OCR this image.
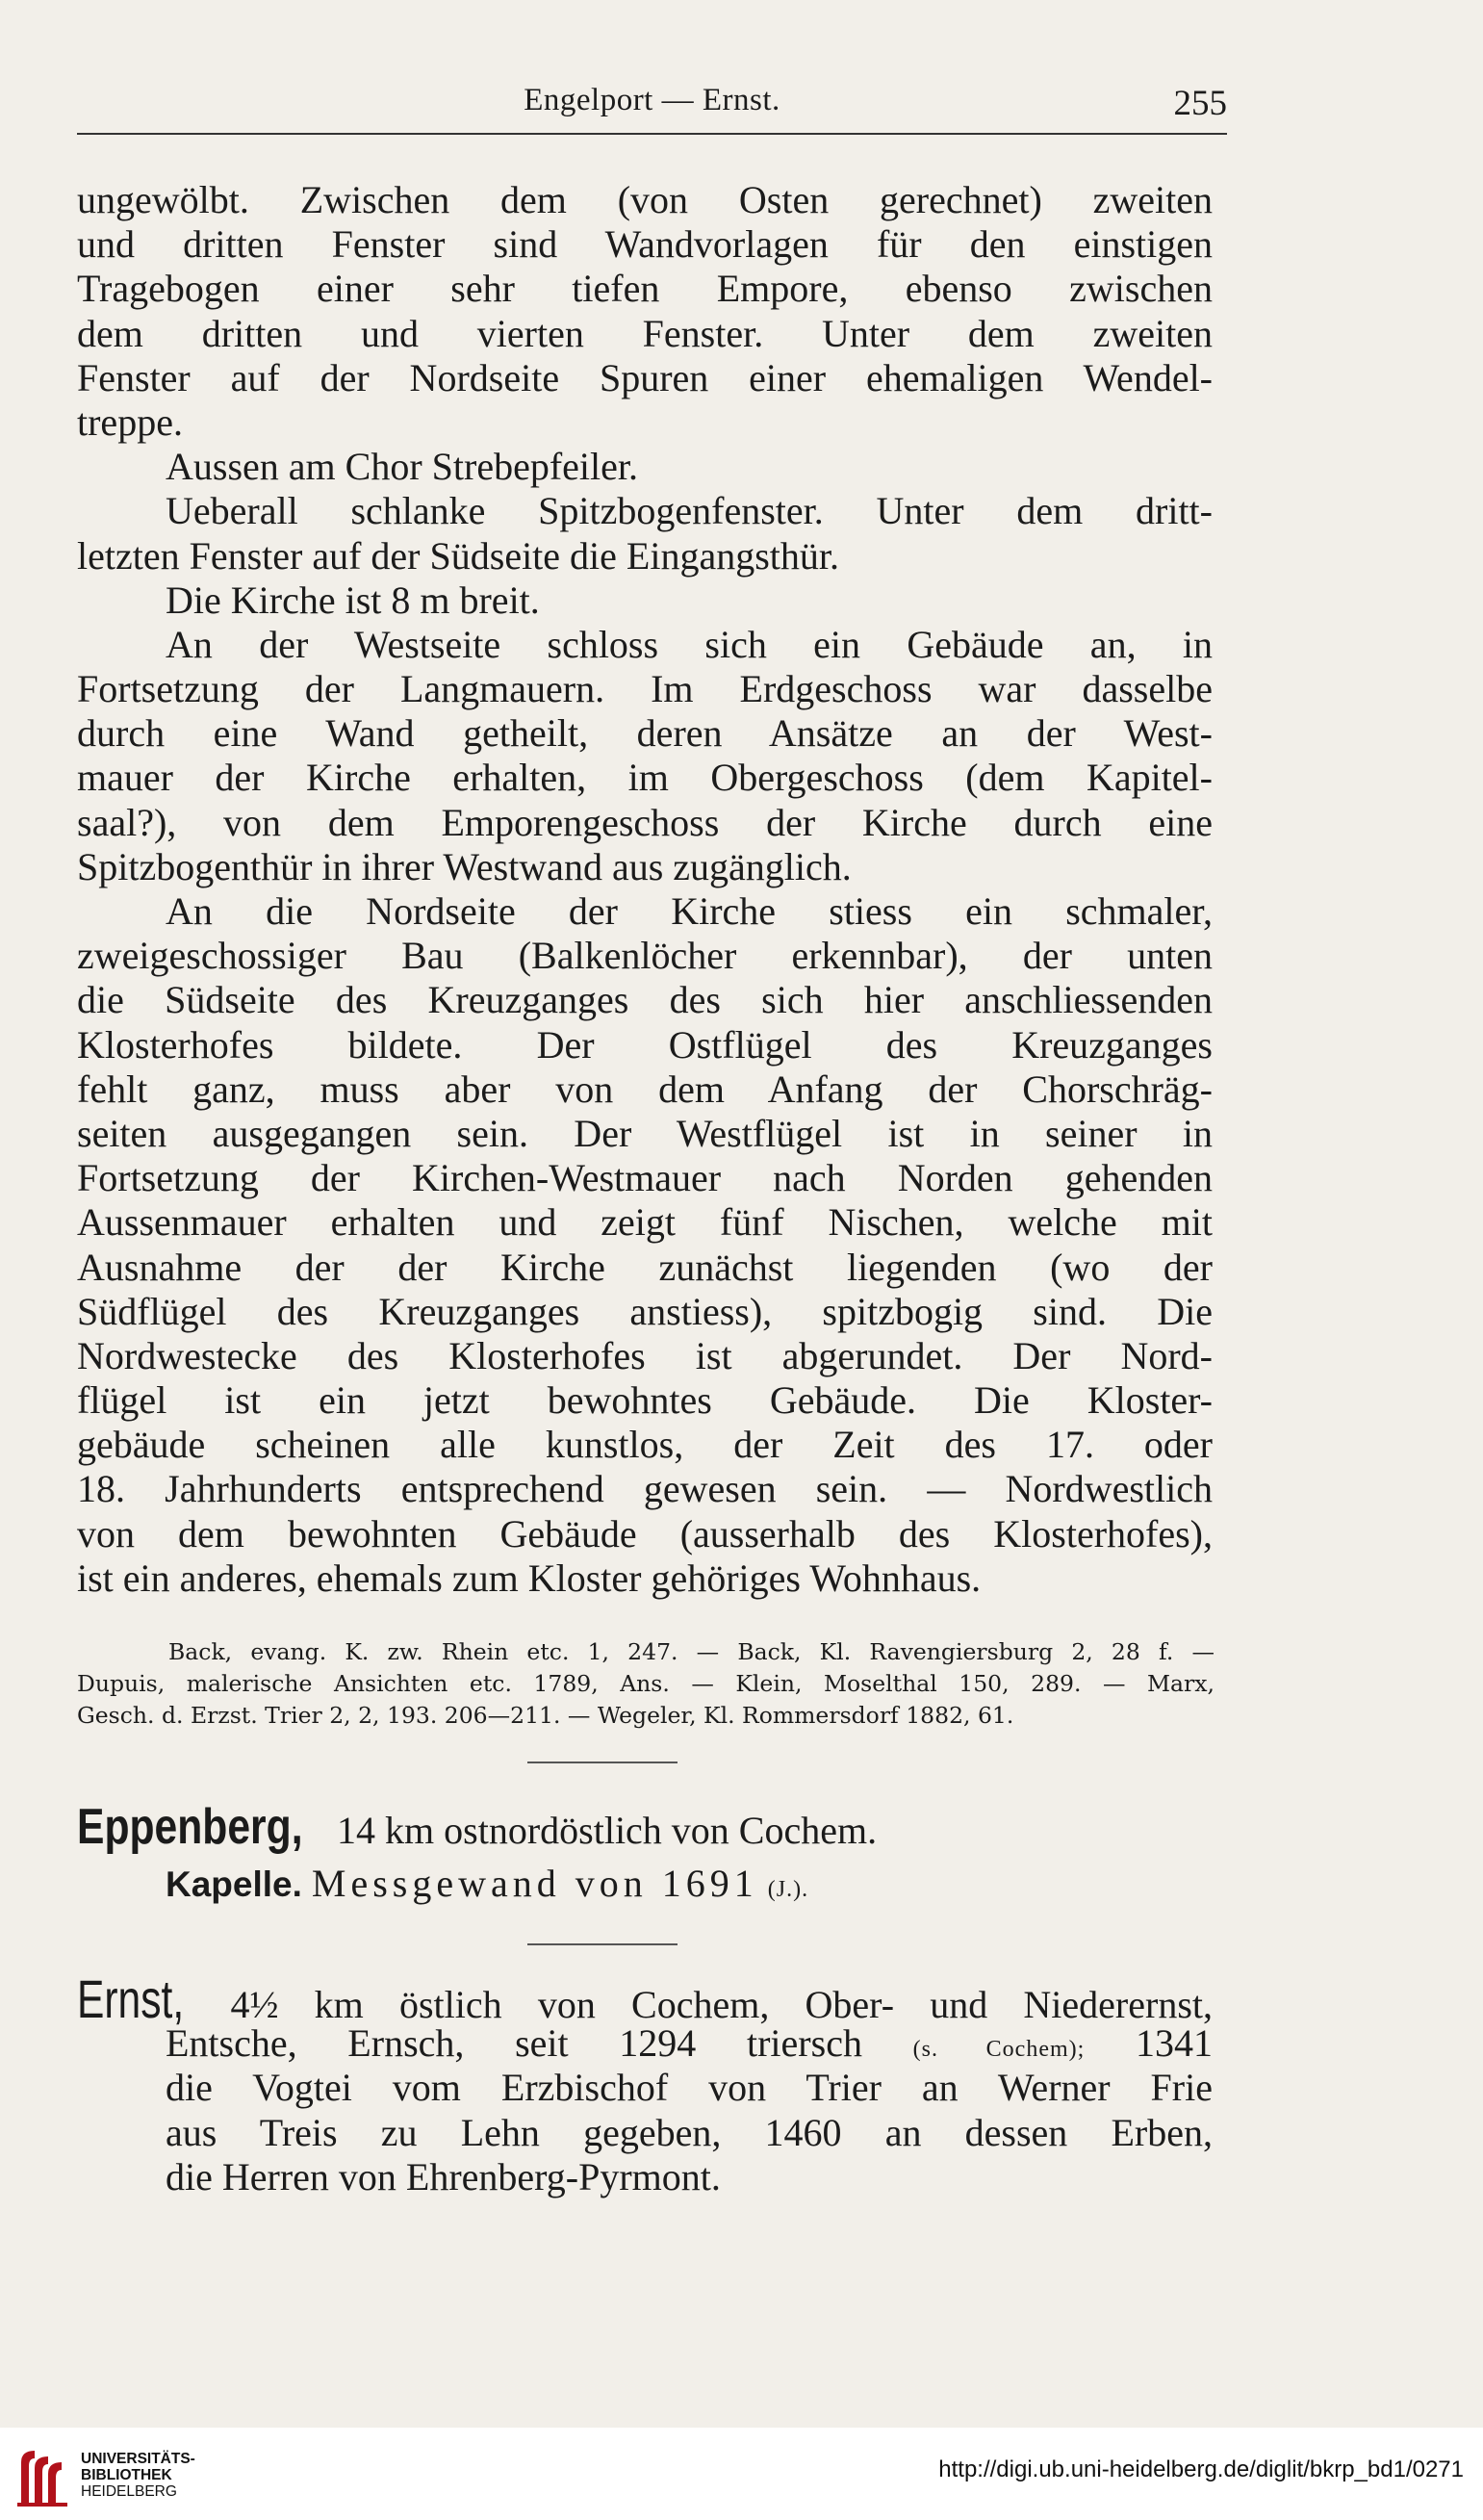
Engelport — Ernst.	255
ungewölbt. Zwischen dem (von Osten gerechnet) zweiten
und dritten Fenster sind Wandvorlagen für den einstigen
Tragebogen einer sehr tiefen Empore, ebenso zwischen
dem dritten und vierten Fenster. Unter dem zweiten
Fenster auf der Nordseite Spuren einer ehemaligen Wendel-
treppe.
Aussen am Chor Strebepfeiler.
Ueberall schlanke Spitzbogenfenster. Unter dem dritt-
letzten Fenster auf der Südseite die Eingangsthür.
Die Kirche ist 8 m breit.
An der Westseite schloss sich ein Gebäude an, in
Fortsetzung der Langmauern. Im Erdgeschoss war dasselbe
durch eine Wand getheilt, deren Ansätze an der West-
mauer der Kirche erhalten, im Obergeschoss (dem Kapitel-
saal?), von dem Emporengeschoss der Kirche durch eine
Spitzbogenthür in ihrer Westwand aus zugänglich.
An die Nordseite der Kirche stiess ein schmaler,
zweigeschossiger Bau (Balkenlöcher erkennbar), der unten
die Südseite des Kreuzganges des sich hier anschliessenden
Klosterhofes bildete. Der Ostflügel des Kreuzganges
fehlt ganz, muss aber von dem Anfang der Chorschräg-
seiten ausgegangen sein. Der Westflügel ist in seiner in
Fortsetzung der Kirchen-Westmauer nach Norden gehenden
Aussenmauer erhalten und zeigt fünf Nischen, welche mit
Ausnahme der der Kirche zunächst liegenden (wo der
Südflügel des Kreuzganges anstiess), spitzbogig sind. Die
Nordwestecke des Klosterhofes ist abgerundet. Der Nord-
flügel ist ein jetzt bewohntes Gebäude. Die Kloster-
gebäude scheinen alle kunstlos, der Zeit des 17. oder
18. Jahrhunderts entsprechend gewesen sein. — Nordwestlich
von dem bewohnten Gebäude (ausserhalb des Klosterhofes),
ist ein anderes, ehemals zum Kloster gehöriges Wohnhaus.
Back, evang. K. zw. Rhein etc. 1, 247. — Back, Kl. Ravengiersburg 2, 28 f. —
Dupuis, malerische Ansichten etc. 1789, Ans. — Klein, Moselthal 150, 289. — Marx,
Gesch. d. Erzst. Trier 2, 2, 193. 206—211. — Wegeler, Kl. Rommersdorf 1882, 61.
Eppenberg, 14 km ostnordöstlich von Cochem.
Kapelle. Messgewand von 1691 (J.).
Ernst, 4½ km östlich von Cochem, Ober- und Niederernst,
Entsche, Ernsch, seit 1294 triersch (s. Cochem); 1341
die Vogtei vom Erzbischof von Trier an Werner Frie
aus Treis zu Lehn gegeben, 1460 an dessen Erben,
die Herren von Ehrenberg-Pyrmont.
UNIVERSITÄTS-
BIBLIOTHEK
HEIDELBERG
http://digi.ub.uni-heidelberg.de/diglit/bkrp_bd1/0271
